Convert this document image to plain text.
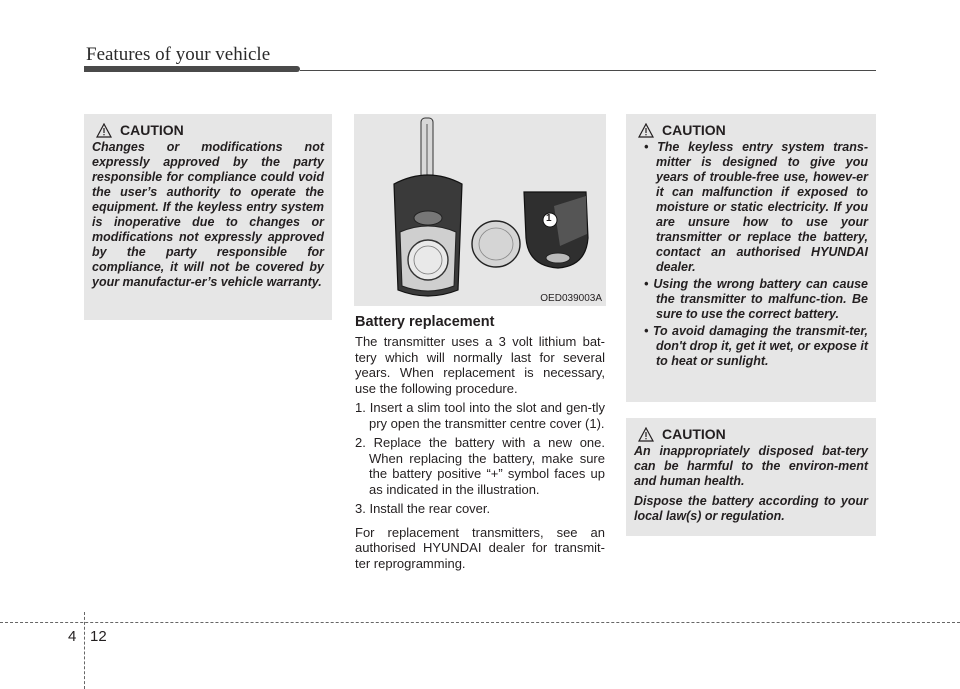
Features of your vehicle
CAUTION

Changes or modifications not expressly approved by the party responsible for compliance could void the user’s authority to operate the equipment. If the keyless entry system is inoperative due to changes or modifications not expressly approved by the party responsible for compliance, it will not be covered by your manufactur-er’s vehicle warranty.

1
OED039003A
Battery replacement

The transmitter uses a 3 volt lithium bat-tery which will normally last for several years. When replacement is necessary, use the following procedure.

1. Insert a slim tool into the slot and gen-tly pry open the transmitter centre cover (1).
2. Replace the battery with a new one. When replacing the battery, make sure the battery positive “+” symbol faces up as indicated in the illustration.
3. Install the rear cover.

For replacement transmitters, see an authorised HYUNDAI dealer for transmit-ter reprogramming.

CAUTION
• The keyless entry system trans-mitter is designed to give you years of trouble-free use, howev-er it can malfunction if exposed to moisture or static electricity. If you are unsure how to use your transmitter or replace the battery, contact an authorised HYUNDAI dealer.
• Using the wrong battery can cause the transmitter to malfunc-tion. Be sure to use the correct battery.
• To avoid damaging the transmit-ter, don't drop it, get it wet, or expose it to heat or sunlight.
CAUTION

An inappropriately disposed bat-tery can be harmful to the environ-ment and human health.

Dispose the battery according to your local law(s) or regulation.

4 12
